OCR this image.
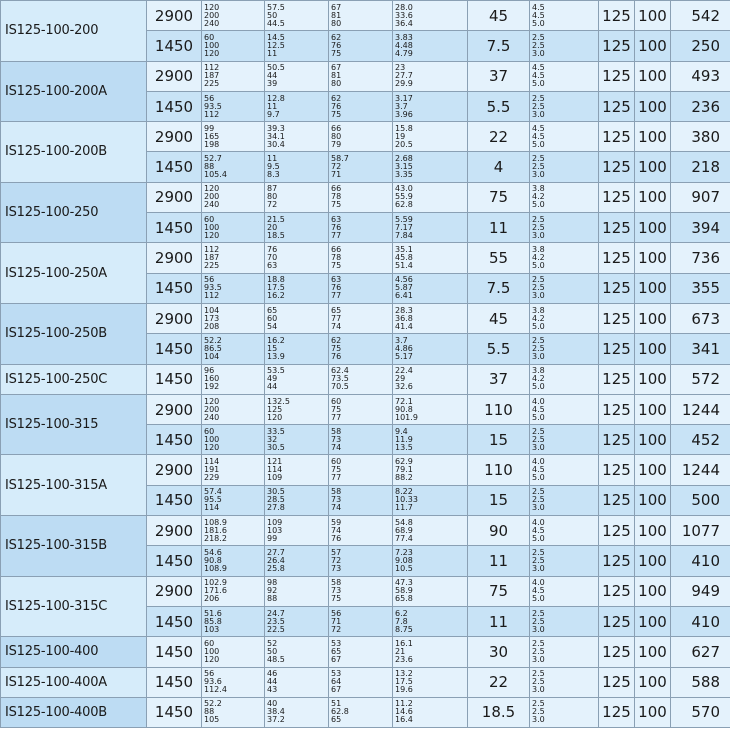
IS125-100-200	2900	120
200
240	57.5
50
44.5	67
81
80	28.0
33.6
36.4	45	4.5
4.5
5.0	125	100	542
	1450	60
100
120	14.5
12.5
11	62
76
75	3.83
4.48
4.79	7.5	2.5
2.5
3.0	125	100	250
IS125-100-200A	2900	112
187
225	50.5
44
39	67
81
80	23
27.7
29.9	37	4.5
4.5
5.0	125	100	493
	1450	56
93.5
112	12.8
11
9.7	62
76
75	3.17
3.7
3.96	5.5	2.5
2.5
3.0	125	100	236
IS125-100-200B	2900	99
165
198	39.3
34.1
30.4	66
80
79	15.8
19
20.5	22	4.5
4.5
5.0	125	100	380
	1450	52.7
88
105.4	11
9.5
8.3	58.7
72
71	2.68
3.15
3.35	4	2.5
2.5
3.0	125	100	218
IS125-100-250	2900	120
200
240	87
80
72	66
78
75	43.0
55.9
62.8	75	3.8
4.2
5.0	125	100	907
	1450	60
100
120	21.5
20
18.5	63
76
77	5.59
7.17
7.84	11	2.5
2.5
3.0	125	100	394
IS125-100-250A	2900	112
187
225	76
70
63	66
78
75	35.1
45.8
51.4	55	3.8
4.2
5.0	125	100	736
	1450	56
93.5
112	18.8
17.5
16.2	63
76
77	4.56
5.87
6.41	7.5	2.5
2.5
3.0	125	100	355
IS125-100-250B	2900	104
173
208	65
60
54	65
77
74	28.3
36.8
41.4	45	3.8
4.2
5.0	125	100	673
	1450	52.2
86.5
104	16.2
15
13.9	62
75
76	3.7
4.86
5.17	5.5	2.5
2.5
3.0	125	100	341
IS125-100-250C	1450	96
160
192	53.5
49
44	62.4
73.5
70.5	22.4
29
32.6	37	3.8
4.2
5.0	125	100	572
IS125-100-315	2900	120
200
240	132.5
125
120	60
75
77	72.1
90.8
101.9	110	4.0
4.5
5.0	125	100	1244
	1450	60
100
120	33.5
32
30.5	58
73
74	9.4
11.9
13.5	15	2.5
2.5
3.0	125	100	452
IS125-100-315A	2900	114
191
229	121
114
109	60
75
77	62.9
79.1
88.2	110	4.0
4.5
5.0	125	100	1244
	1450	57.4
95.5
114	30.5
28.5
27.8	58
73
74	8.22
10.33
11.7	15	2.5
2.5
3.0	125	100	500
IS125-100-315B	2900	108.9
181.6
218.2	109
103
99	59
74
76	54.8
68.9
77.4	90	4.0
4.5
5.0	125	100	1077
	1450	54.6
90.8
108.9	27.7
26.4
25.8	57
72
73	7.23
9.08
10.5	11	2.5
2.5
3.0	125	100	410
IS125-100-315C	2900	102.9
171.6
206	98
92
88	58
73
75	47.3
58.9
65.8	75	4.0
4.5
5.0	125	100	949
	1450	51.6
85.8
103	24.7
23.5
22.5	56
71
72	6.2
7.8
8.75	11	2.5
2.5
3.0	125	100	410
IS125-100-400	1450	60
100
120	52
50
48.5	53
65
67	16.1
21
23.6	30	2.5
2.5
3.0	125	100	627
IS125-100-400A	1450	56
93.6
112.4	46
44
43	53
64
67	13.2
17.5
19.6	22	2.5
2.5
3.0	125	100	588
IS125-100-400B	1450	52.2
88
105	40
38.4
37.2	51
62.8
65	11.2
14.6
16.4	18.5	2.5
2.5
3.0	125	100	570
